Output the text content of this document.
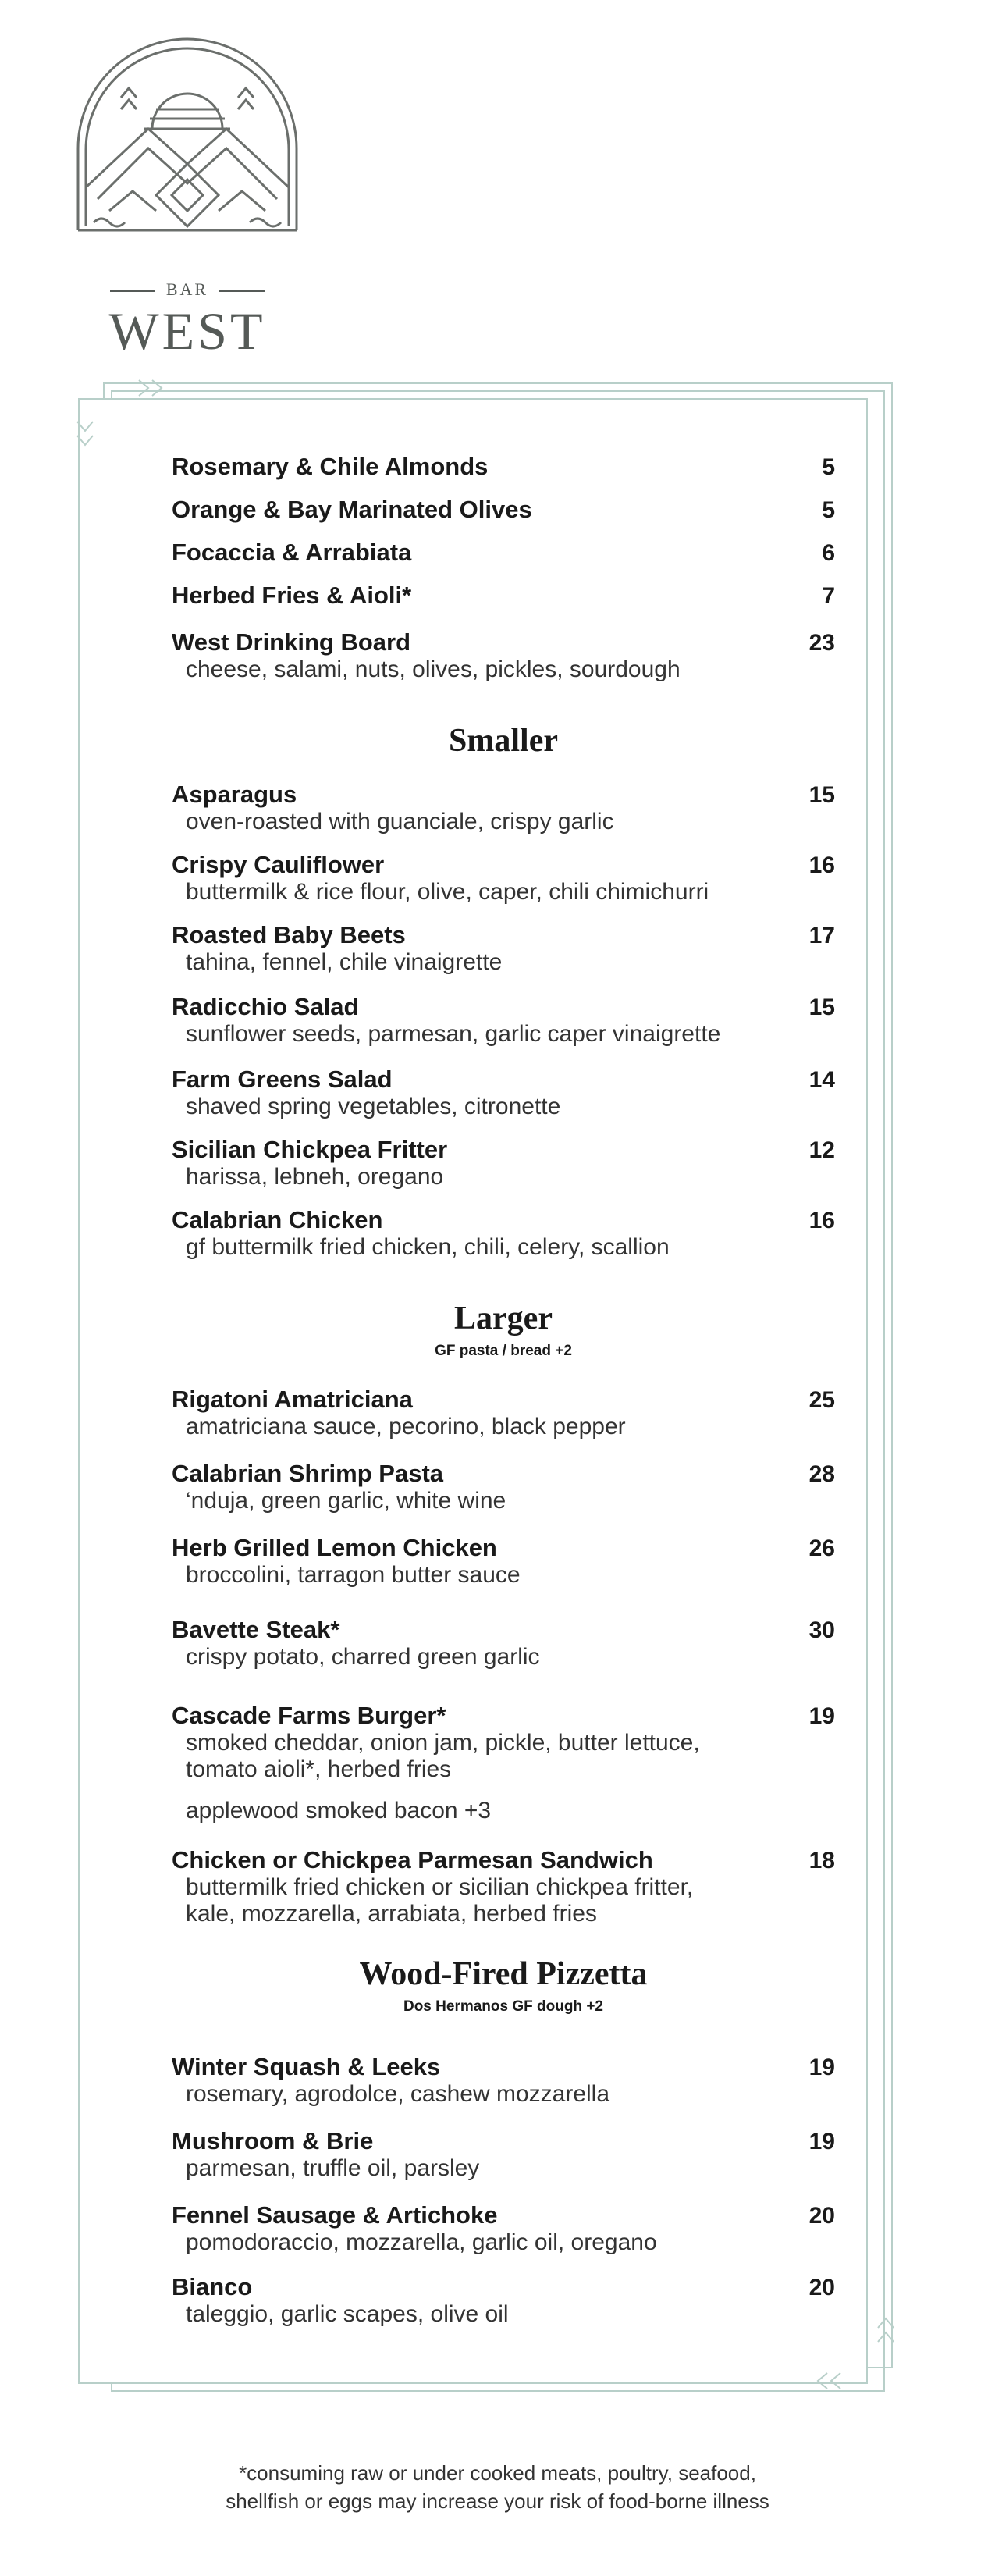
BAR
WEST
Rosemary & Chile Almonds	5
Orange & Bay Marinated Olives	5
Focaccia & Arrabiata	6
Herbed Fries & Aioli*	7
West Drinking Board	23
cheese, salami, nuts, olives, pickles, sourdough
Smaller
Asparagus	15
oven-roasted with guanciale, crispy garlic
Crispy Cauliflower	16
buttermilk & rice flour, olive, caper, chili chimichurri
Roasted Baby Beets	17
tahina, fennel, chile vinaigrette
Radicchio Salad	15
sunflower seeds, parmesan, garlic caper vinaigrette
Farm Greens Salad	14
shaved spring vegetables, citronette
Sicilian Chickpea Fritter	12
harissa, lebneh, oregano
Calabrian Chicken	16
gf buttermilk fried chicken, chili, celery, scallion
Larger
GF pasta / bread +2
Rigatoni Amatriciana	25
amatriciana sauce, pecorino, black pepper
Calabrian Shrimp Pasta	28
‘nduja, green garlic, white wine
Herb Grilled Lemon Chicken	26
broccolini, tarragon butter sauce
Bavette Steak*	30
crispy potato, charred green garlic
Cascade Farms Burger*	19
smoked cheddar, onion jam, pickle, butter lettuce,
tomato aioli*, herbed fries
applewood smoked bacon +3
Chicken or Chickpea Parmesan Sandwich	18
buttermilk fried chicken or sicilian chickpea fritter,
kale, mozzarella, arrabiata, herbed fries
Wood-Fired Pizzetta
Dos Hermanos GF dough +2
Winter Squash & Leeks	19
rosemary, agrodolce, cashew mozzarella
Mushroom & Brie	19
parmesan, truffle oil, parsley
Fennel Sausage & Artichoke	20
pomodoraccio, mozzarella, garlic oil, oregano
Bianco	20
taleggio, garlic scapes, olive oil
*consuming raw or under cooked meats, poultry, seafood,
shellfish or eggs may increase your risk of food-borne illness
